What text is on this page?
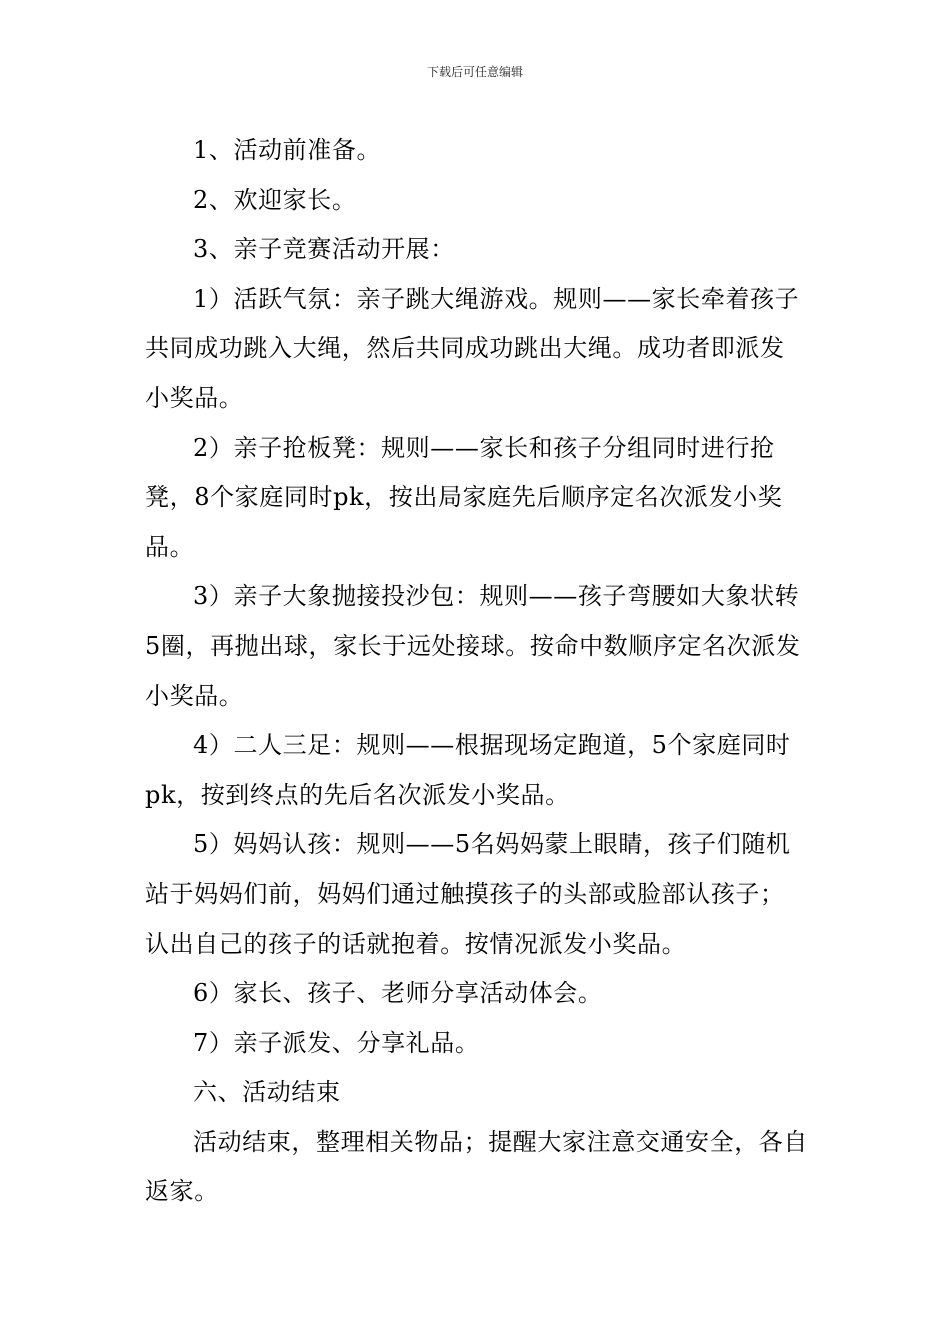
下载后可任意编辑

1、活动前准备。

2、欢迎家长。

3、亲子竞赛活动开展：

1）活跃气氛：亲子跳大绳游戏。规则——家长牵着孩子共同成功跳入大绳，然后共同成功跳出大绳。成功者即派发小奖品。

2）亲子抢板凳：规则——家长和孩子分组同时进行抢凳，8个家庭同时pk，按出局家庭先后顺序定名次派发小奖品。

3）亲子大象抛接投沙包：规则——孩子弯腰如大象状转5圈，再抛出球，家长于远处接球。按命中数顺序定名次派发小奖品。

4）二人三足：规则——根据现场定跑道，5个家庭同时pk，按到终点的先后名次派发小奖品。

5）妈妈认孩：规则——5名妈妈蒙上眼睛，孩子们随机站于妈妈们前，妈妈们通过触摸孩子的头部或脸部认孩子；认出自己的孩子的话就抱着。按情况派发小奖品。

6）家长、孩子、老师分享活动体会。

7）亲子派发、分享礼品。

六、活动结束

活动结束，整理相关物品；提醒大家注意交通安全，各自返家。
